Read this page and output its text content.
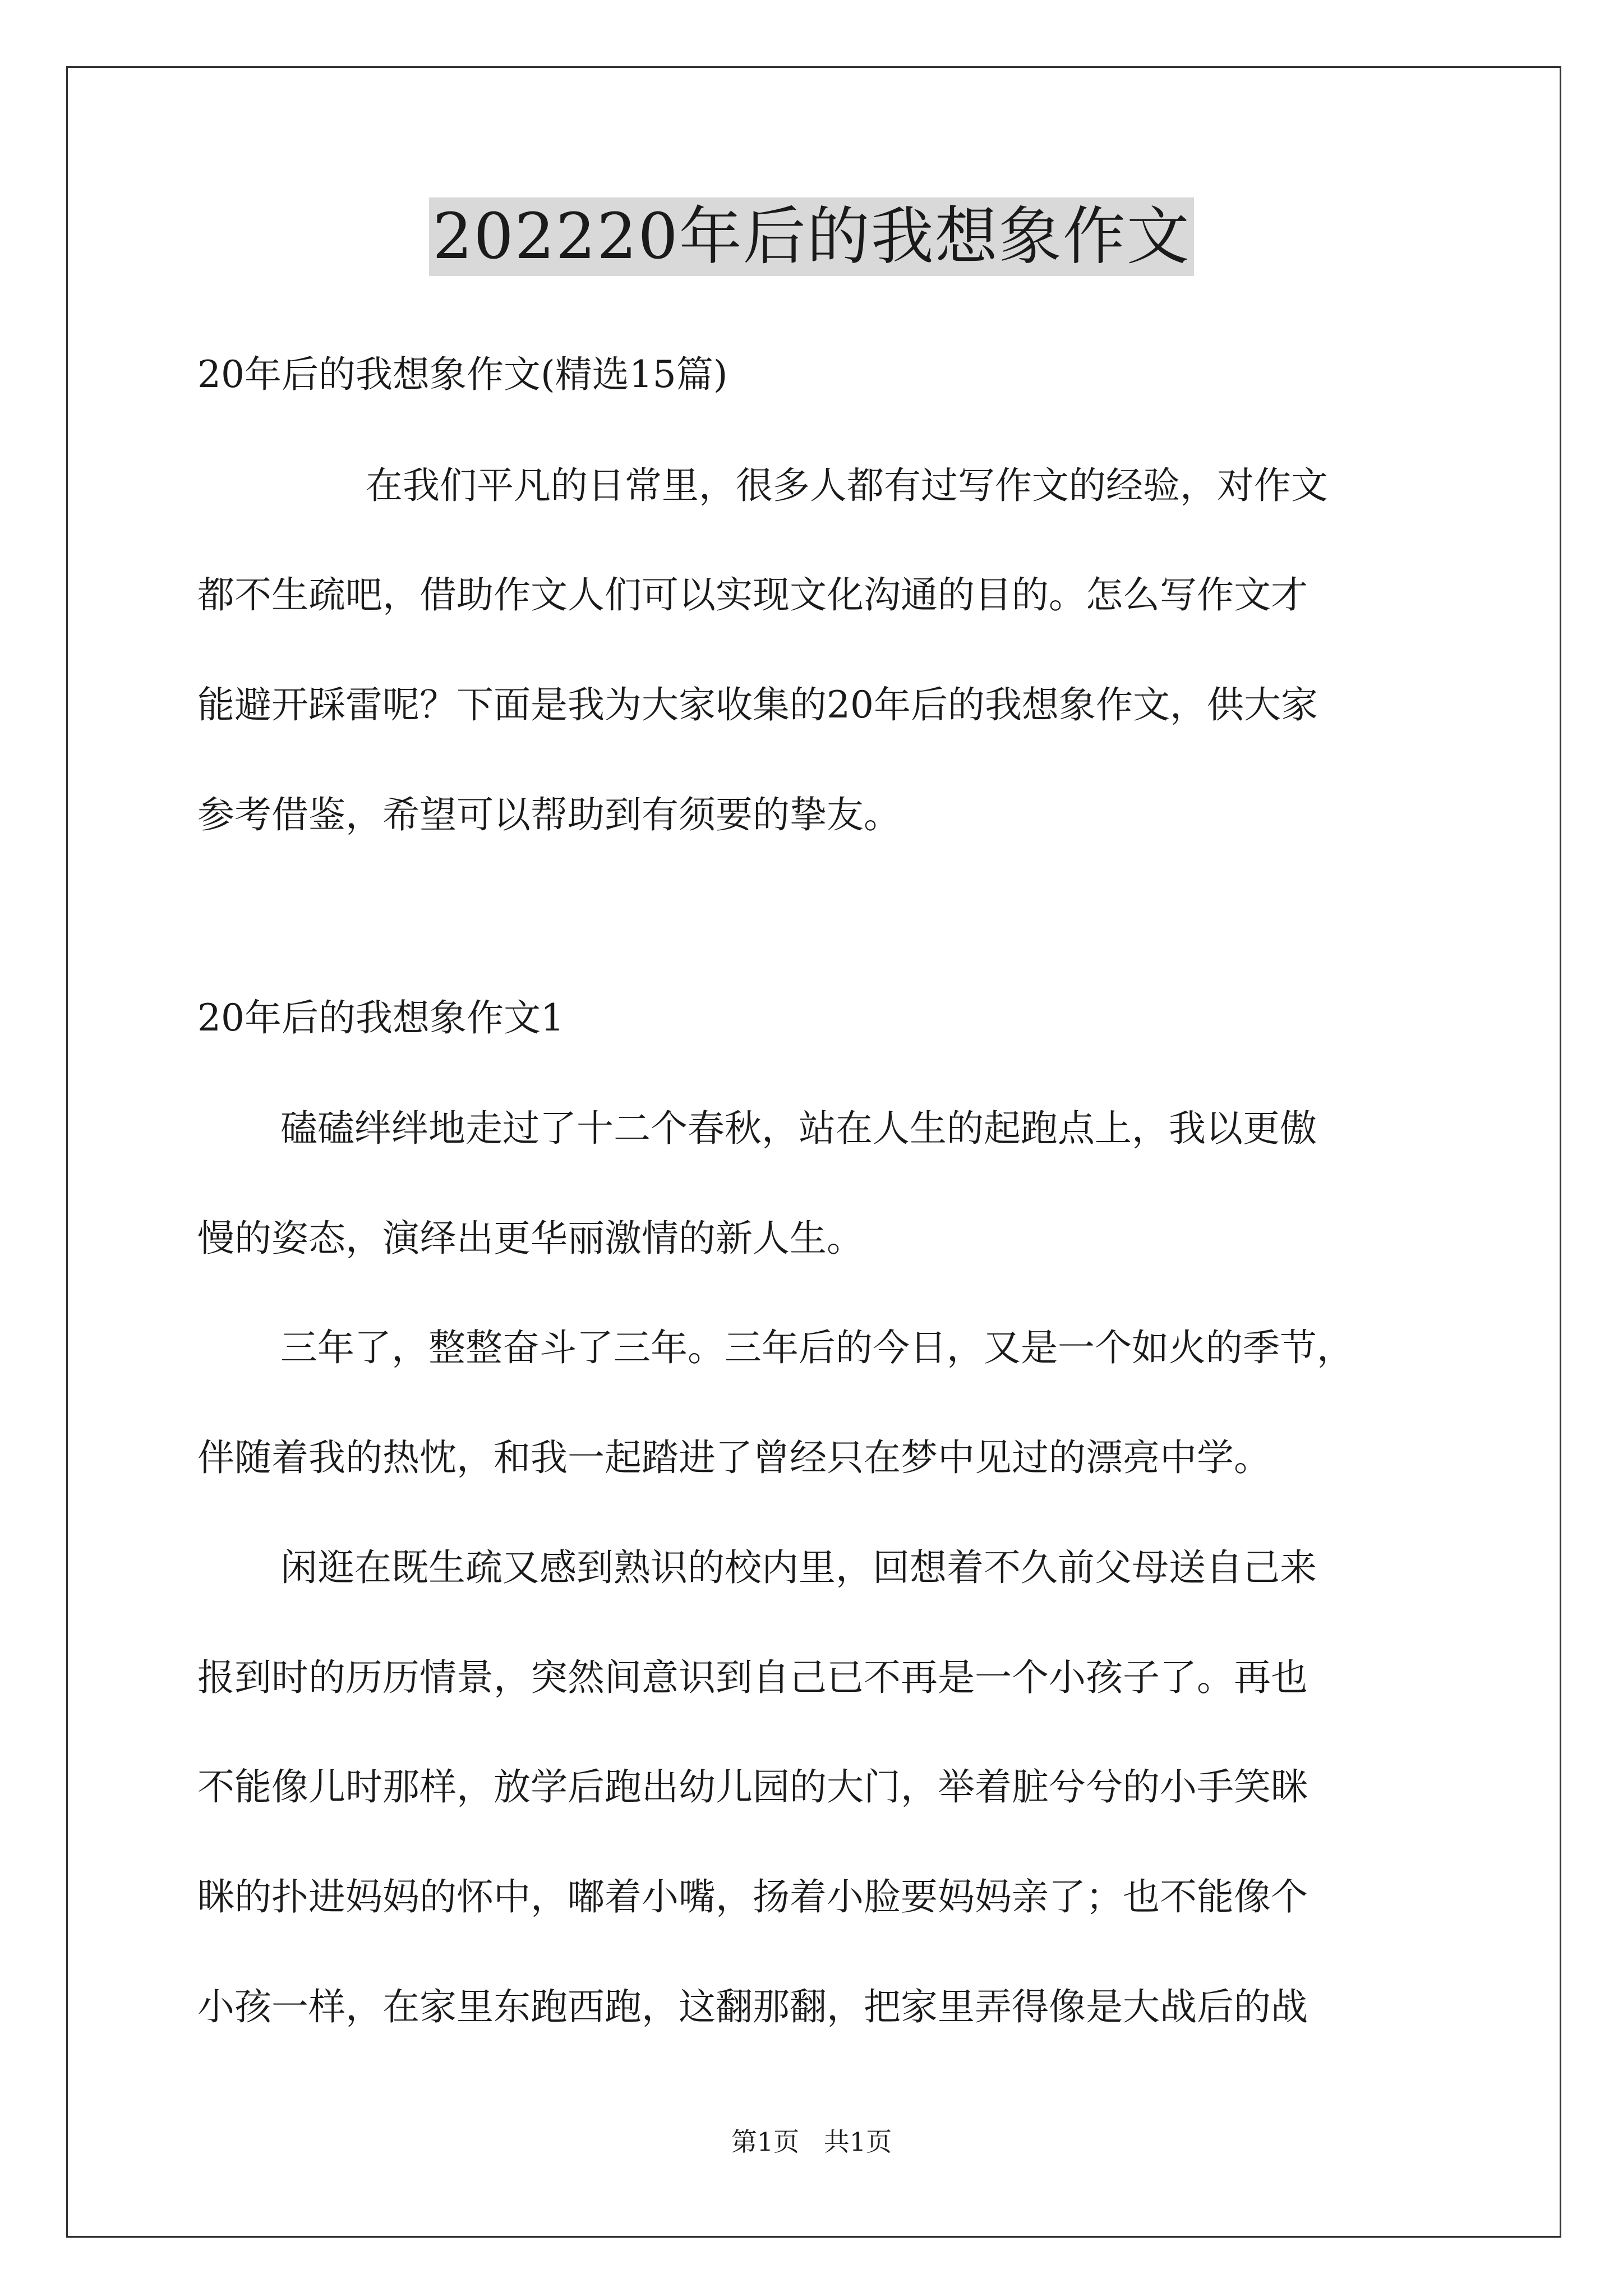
202220年后的我想象作文
20年后的我想象作文(精选15篇)
在我们平凡的日常里，很多人都有过写作文的经验，对作文
都不生疏吧，借助作文人们可以实现文化沟通的目的。怎么写作文才
能避开踩雷呢？下面是我为大家收集的20年后的我想象作文，供大家
参考借鉴，希望可以帮助到有须要的挚友。
20年后的我想象作文1
磕磕绊绊地走过了十二个春秋，站在人生的起跑点上，我以更傲
慢的姿态，演绎出更华丽激情的新人生。
三年了，整整奋斗了三年。三年后的今日，又是一个如火的季节，
伴随着我的热忱，和我一起踏进了曾经只在梦中见过的漂亮中学。
闲逛在既生疏又感到熟识的校内里，回想着不久前父母送自己来
报到时的历历情景，突然间意识到自己已不再是一个小孩子了。再也
不能像儿时那样，放学后跑出幼儿园的大门，举着脏兮兮的小手笑眯
眯的扑进妈妈的怀中，嘟着小嘴，扬着小脸要妈妈亲了；也不能像个
小孩一样，在家里东跑西跑，这翻那翻，把家里弄得像是大战后的战
第1页   共1页
